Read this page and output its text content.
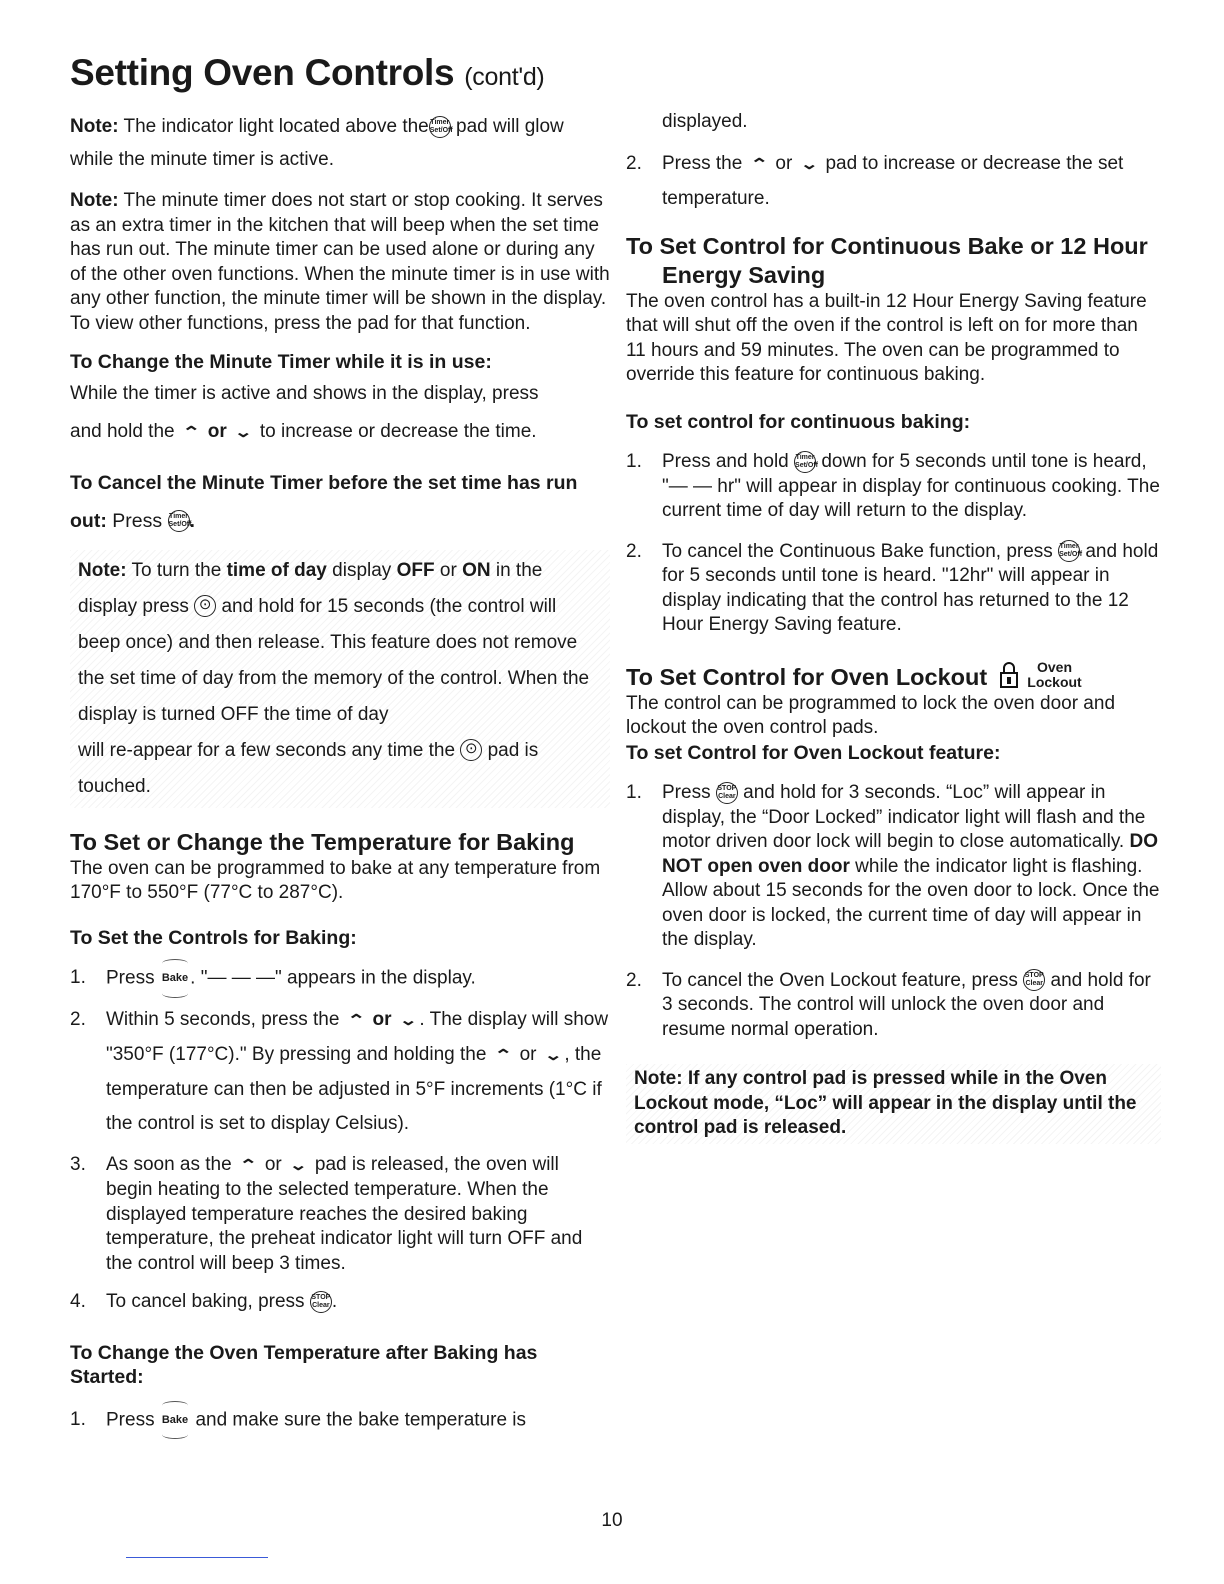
Setting Oven Controls (cont'd)

Note: The indicator light located above the Timer
Set/Off pad will glow
while the minute timer is active.

Note: The minute timer does not start or stop cooking. It serves as an extra timer in the kitchen that will beep when the set time has run out. The minute timer can be used alone or during any of the other oven functions. When the minute timer is in use with any other function, the minute timer will be shown in the display. To view other functions, press the pad for that function.

To Change the Minute Timer while it is in use:

While the timer is active and shows in the display, press
and hold the ⌃ or ⌄ to increase or decrease the time.

To Cancel the Minute Timer before the set time has run
out: Press Timer
Set/Off.

Note: To turn the time of day display OFF or ON in the
display press ⊙ and hold for 15 seconds (the control will beep once) and then release. This feature does not remove the set time of day from the memory of the control. When the display is turned OFF the time of day

will re-appear for a few seconds any time the ⊙ pad is touched.

To Set or Change the Temperature for Baking

The oven can be programmed to bake at any temperature from 170°F to 550°F (77°C to 287°C).

To Set the Controls for Baking:

1. Press Bake . "— — —" appears in the display.
2. Within 5 seconds, press the ⌃ or ⌄. The display will show "350°F (177°C)." By pressing and holding the ⌃ or ⌄, the temperature can then be adjusted in 5°F increments (1°C if the control is set to display Celsius).
3. As soon as the ⌃ or ⌄ pad is released, the oven will begin heating to the selected temperature. When the displayed temperature reaches the desired baking temperature, the preheat indicator light will turn OFF and the control will beep 3 times.
4. To cancel baking, press STOP
Clear .

To Change the Oven Temperature after Baking has Started:

1. Press Bake and make sure the bake temperature is

displayed.

2. Press the ⌃ or ⌄ pad to increase or decrease the set temperature.

To Set Control for Continuous Bake or 12 Hour Energy Saving

The oven control has a built-in 12 Hour Energy Saving feature that will shut off the oven if the control is left on for more than 11 hours and 59 minutes. The oven can be programmed to override this feature for continuous baking.

To set control for continuous baking:

1. Press and hold Timer
Set/Off down for 5 seconds until tone is heard, "— — hr" will appear in display for continuous cooking. The current time of day will return to the display.
2. To cancel the Continuous Bake function, press Timer
Set/Off and hold for 5 seconds until tone is heard. "12hr" will appear in display indicating that the control has returned to the 12 Hour Energy Saving feature.

To Set Control for Oven Lockout	Oven
Lockout

The control can be programmed to lock the oven door and lockout the oven control pads.

To set Control for Oven Lockout feature:

1. Press STOP
Clear and hold for 3 seconds. “Loc” will appear in display, the “Door Locked” indicator light will flash and the motor driven door lock will begin to close automatically. DO NOT open oven door while the indicator light is flashing. Allow about 15 seconds for the oven door to lock. Once the oven door is locked, the current time of day will appear in the display.
2. To cancel the Oven Lockout feature, press STOP
Clear and hold for 3 seconds. The control will unlock the oven door and resume normal operation.
Note: If any control pad is pressed while in the Oven Lockout mode, “Loc” will appear in the display until the control pad is released.
10
